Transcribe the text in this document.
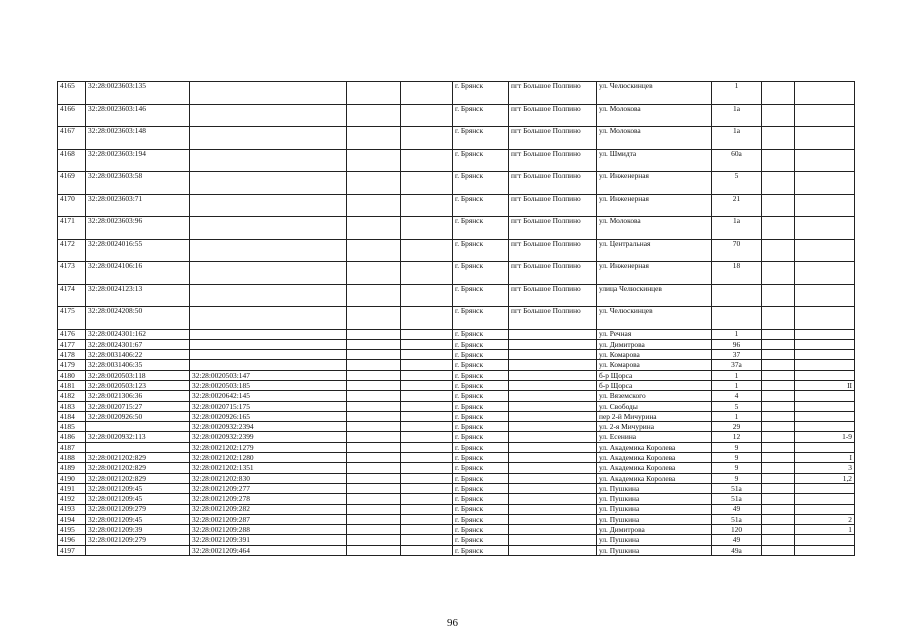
4165	32:28:0023603:135				г. Брянск	пгт Большое Полпино	ул. Челюскинцев	1		
4166	32:28:0023603:146				г. Брянск	пгт Большое Полпино	ул. Молокова	1а		
4167	32:28:0023603:148				г. Брянск	пгт Большое Полпино	ул. Молокова	1а		
4168	32:28:0023603:194				г. Брянск	пгт Большое Полпино	ул. Шмидта	60а		
4169	32:28:0023603:58				г. Брянск	пгт Большое Полпино	ул. Инженерная	5		
4170	32:28:0023603:71				г. Брянск	пгт Большое Полпино	ул. Инженерная	21		
4171	32:28:0023603:96				г. Брянск	пгт Большое Полпино	ул. Молокова	1а		
4172	32:28:0024016:55				г. Брянск	пгт Большое Полпино	ул. Центральная	70		
4173	32:28:0024106:16				г. Брянск	пгт Большое Полпино	ул. Инженерная	18		
4174	32:28:0024123:13				г. Брянск	пгт Большое Полпино	улица Челюскинцев			
4175	32:28:0024208:50				г. Брянск	пгт Большое Полпино	ул. Челюскинцев			
4176	32:28:0024301:162				г. Брянск		ул. Речная	1		
4177	32:28:0024301:67				г. Брянск		ул. Димитрова	96		
4178	32:28:0031406:22				г. Брянск		ул. Комарова	37		
4179	32:28:0031406:35				г. Брянск		ул. Комарова	37а		
4180	32:28:0020503:118	32:28:0020503:147			г. Брянск		б-р Щорса	1		
4181	32:28:0020503:123	32:28:0020503:185			г. Брянск		б-р Щорса	1		II
4182	32:28:0021306:36	32:28:0020642:145			г. Брянск		ул. Вяземского	4		
4183	32:28:0020715:27	32:28:0020715:175			г. Брянск		ул. Свободы	5		
4184	32:28:0020926:50	32:28:0020926:165			г. Брянск		пер 2-й Мичурина	1		
4185		32:28:0020932:2394			г. Брянск		ул. 2-я Мичурина	29		
4186	32:28:0020932:113	32:28:0020932:2399			г. Брянск		ул. Есенина	12		1-9
4187		32:28:0021202:1279			г. Брянск		ул. Академика Королева	9		
4188	32:28:0021202:829	32:28:0021202:1280			г. Брянск		ул. Академика Королева	9		I
4189	32:28:0021202:829	32:28:0021202:1351			г. Брянск		ул. Академика Королева	9		3
4190	32:28:0021202:829	32:28:0021202:830			г. Брянск		ул. Академика Королева	9		1,2
4191	32:28:0021209:45	32:28:0021209:277			г. Брянск		ул. Пушкина	51а		
4192	32:28:0021209:45	32:28:0021209:278			г. Брянск		ул. Пушкина	51а		
4193	32:28:0021209:279	32:28:0021209:282			г. Брянск		ул. Пушкина	49		
4194	32:28:0021209:45	32:28:0021209:287			г. Брянск		ул. Пушкина	51а		2
4195	32:28:0021209:39	32:28:0021209:288			г. Брянск		ул. Димитрова	120		1
4196	32:28:0021209:279	32:28:0021209:391			г. Брянск		ул. Пушкина	49		
4197		32:28:0021209:464			г. Брянск		ул. Пушкина	49а		
96
